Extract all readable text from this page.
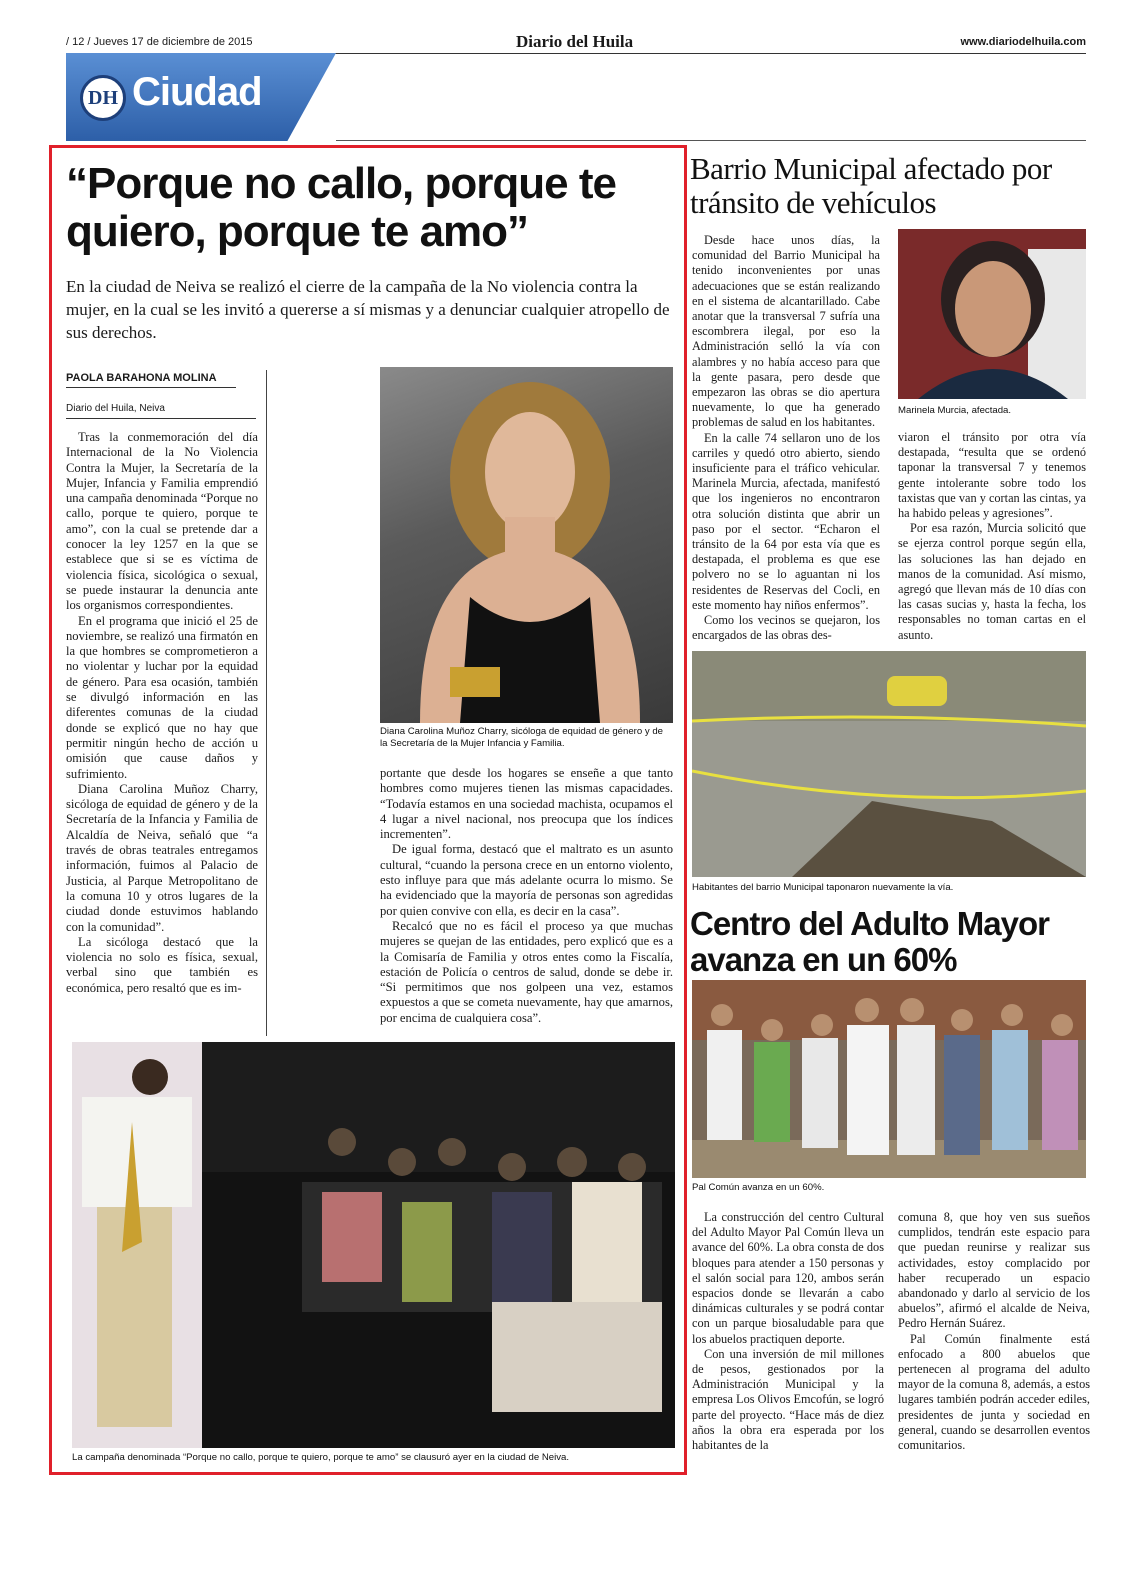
/ 12 / Jueves 17 de diciembre de 2015	Diario del Huila	www.diariodelhuila.com
DH Ciudad
“Porque no callo, porque te quiero, porque te amo”
En la ciudad de Neiva se realizó el cierre de la campaña de la No violencia contra la mujer, en la cual se les invitó a quererse a sí mismas y a denunciar cualquier atropello de sus derechos.
PAOLA BARAHONA MOLINA
Diario del Huila, Neiva

Tras la conmemoración del día Internacional de la No Violencia Contra la Mujer, la Secretaría de la Mujer, Infancia y Familia emprendió una campaña denominada “Porque no callo, porque te quiero, porque te amo”, con la cual se pretende dar a conocer la ley 1257 en la que se establece que si se es víctima de violencia física, sicológica o sexual, se puede instaurar la denuncia ante los organismos correspondientes.

En el programa que inició el 25 de noviembre, se realizó una firmatón en la que hombres se comprometieron a no violentar y luchar por la equidad de género. Para esa ocasión, también se divulgó información en las diferentes comunas de la ciudad donde se explicó que no hay que permitir ningún hecho de acción u omisión que cause daños y sufrimiento.

Diana Carolina Muñoz Charry, sicóloga de equidad de género y de la Secretaría de la Infancia y Familia de Alcaldía de Neiva, señaló que “a través de obras teatrales entregamos información, fuimos al Palacio de Justicia, al Parque Metropolitano de la comuna 10 y otros lugares de la ciudad donde estuvimos hablando con la comunidad”.

La sicóloga destacó que la violencia no solo es física, sexual, verbal sino que también es económica, pero resaltó que es im-

Diana Carolina Muñoz Charry, sicóloga de equidad de género y de la Secretaría de la Mujer Infancia y Familia.

portante que desde los hogares se enseñe a que tanto hombres como mujeres tienen las mismas capacidades. “Todavía estamos en una sociedad machista, ocupamos el 4 lugar a nivel nacional, nos preocupa que los índices incrementen”.

De igual forma, destacó que el maltrato es un asunto cultural, “cuando la persona crece en un entorno violento, esto influye para que más adelante ocurra lo mismo. Se ha evidenciado que la mayoría de personas son agredidas por quien convive con ella, es decir en la casa”.

Recalcó que no es fácil el proceso ya que muchas mujeres se quejan de las entidades, pero explicó que es a la Comisaría de Familia y otros entes como la Fiscalía, estación de Policía o centros de salud, donde se debe ir. “Si permitimos que nos golpeen una vez, estamos expuestos a que se cometa nuevamente, hay que amarnos, por encima de cualquiera cosa”.

La campaña denominada “Porque no callo, porque te quiero, porque te amo” se clausuró ayer en la ciudad de Neiva.
Barrio Municipal afectado por tránsito de vehículos

Desde hace unos días, la comunidad del Barrio Municipal ha tenido inconvenientes por unas adecuaciones que se están realizando en el sistema de alcantarillado. Cabe anotar que la transversal 7 sufría una escombrera ilegal, por eso la Administración selló la vía con alambres y no había acceso para que la gente pasara, pero desde que empezaron las obras se dio apertura nuevamente, lo que ha generado problemas de salud en los habitantes.

En la calle 74 sellaron uno de los carriles y quedó otro abierto, siendo insuficiente para el tráfico vehicular. Marinela Murcia, afectada, manifestó que los ingenieros no encontraron otra solución distinta que abrir un paso por el sector. “Echaron el tránsito de la 64 por esta vía que es destapada, el problema es que ese polvero no se lo aguantan ni los residentes de Reservas del Cocli, en este momento hay niños enfermos”.

Como los vecinos se quejaron, los encargados de las obras des-

Marinela Murcia, afectada.

viaron el tránsito por otra vía destapada, “resulta que se ordenó taponar la transversal 7 y tenemos gente intolerante sobre todo los taxistas que van y cortan las cintas, ya ha habido peleas y agresiones”.

Por esa razón, Murcia solicitó que se ejerza control porque según ella, las soluciones las han dejado en manos de la comunidad. Así mismo, agregó que llevan más de 10 días con las casas sucias y, hasta la fecha, los responsables no toman cartas en el asunto.

Habitantes del barrio Municipal taponaron nuevamente la vía.
Centro del Adulto Mayor avanza en un 60%
Pal Común avanza en un 60%.

La construcción del centro Cultural del Adulto Mayor Pal Común lleva un avance del 60%. La obra consta de dos bloques para atender a 150 personas y el salón social para 120, ambos serán espacios donde se llevarán a cabo dinámicas culturales y se podrá contar con un parque biosaludable para que los abuelos practiquen deporte.

Con una inversión de mil millones de pesos, gestionados por la Administración Municipal y la empresa Los Olivos Emcofún, se logró parte del proyecto. “Hace más de diez años la obra era esperada por los habitantes de la

comuna 8, que hoy ven sus sueños cumplidos, tendrán este espacio para que puedan reunirse y realizar sus actividades, estoy complacido por haber recuperado un espacio abandonado y darlo al servicio de los abuelos”, afirmó el alcalde de Neiva, Pedro Hernán Suárez.

Pal Común finalmente está enfocado a 800 abuelos que pertenecen al programa del adulto mayor de la comuna 8, además, a estos lugares también podrán acceder ediles, presidentes de junta y sociedad en general, cuando se desarrollen eventos comunitarios.
